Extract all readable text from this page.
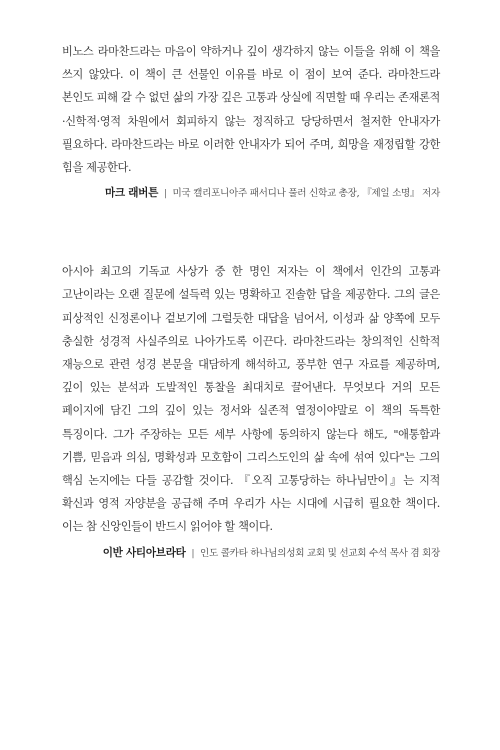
비노스 라마찬드라는 마음이 약하거나 깊이 생각하지 않는 이들을 위해 이 책을 쓰지 않았다. 이 책이 큰 선물인 이유를 바로 이 점이 보여 준다. 라마찬드라 본인도 피해 갈 수 없던 삶의 가장 깊은 고통과 상실에 직면할 때 우리는 존재론적·신학적·영적 차원에서 회피하지 않는 정직하고 당당하면서 철저한 안내자가 필요하다. 라마찬드라는 바로 이러한 안내자가 되어 주며, 희망을 재정립할 강한 힘을 제공한다.

마크 래버튼 | 미국 캘리포니아주 패서디나 풀러 신학교 총장, 『제일 소명』 저자

아시아 최고의 기독교 사상가 중 한 명인 저자는 이 책에서 인간의 고통과 고난이라는 오랜 질문에 설득력 있는 명확하고 진솔한 답을 제공한다. 그의 글은 피상적인 신정론이나 겉보기에 그럴듯한 대답을 넘어서, 이성과 삶 양쪽에 모두 충실한 성경적 사실주의로 나아가도록 이끈다. 라마찬드라는 창의적인 신학적 재능으로 관련 성경 본문을 대담하게 해석하고, 풍부한 연구 자료를 제공하며, 깊이 있는 분석과 도발적인 통찰을 최대치로 끌어낸다. 무엇보다 거의 모든 페이지에 담긴 그의 깊이 있는 정서와 실존적 열정이야말로 이 책의 독특한 특징이다. 그가 주장하는 모든 세부 사항에 동의하지 않는다 해도, "애통함과 기쁨, 믿음과 의심, 명확성과 모호함이 그리스도인의 삶 속에 섞여 있다"는 그의 핵심 논지에는 다들 공감할 것이다. 『오직 고통당하는 하나님만이』는 지적 확신과 영적 자양분을 공급해 주며 우리가 사는 시대에 시급히 필요한 책이다. 이는 참 신앙인들이 반드시 읽어야 할 책이다.

이반 사티아브라타 | 인도 콜카타 하나님의성회 교회 및 선교회 수석 목사 겸 회장
